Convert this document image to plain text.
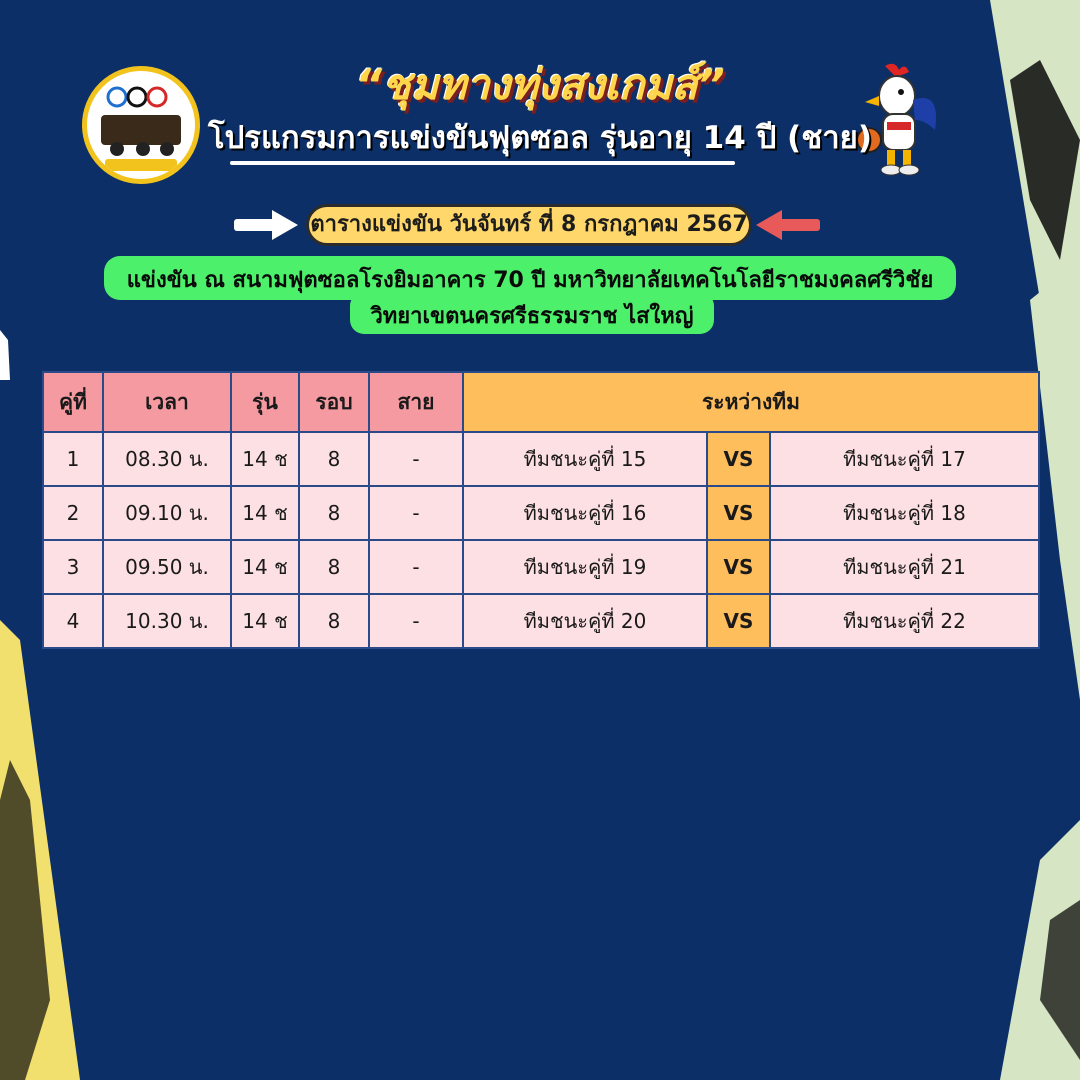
“ชุมทางทุ่งสงเกมส์”
โปรแกรมการแข่งขันฟุตซอล รุ่นอายุ 14 ปี (ชาย)
ตารางแข่งขัน วันจันทร์ ที่ 8 กรกฎาคม 2567
แข่งขัน ณ สนามฟุตซอลโรงยิมอาคาร 70 ปี มหาวิทยาลัยเทคโนโลยีราชมงคลศรีวิชัย
วิทยาเขตนครศรีธรรมราช ไสใหญ่
คู่ที่	เวลา	รุ่น	รอบ	สาย	ระหว่างทีม		
1	08.30 น.	14 ช	8	-	ทีมชนะคู่ที่ 15	VS	ทีมชนะคู่ที่ 17
2	09.10 น.	14 ช	8	-	ทีมชนะคู่ที่ 16	VS	ทีมชนะคู่ที่ 18
3	09.50 น.	14 ช	8	-	ทีมชนะคู่ที่ 19	VS	ทีมชนะคู่ที่ 21
4	10.30 น.	14 ช	8	-	ทีมชนะคู่ที่ 20	VS	ทีมชนะคู่ที่ 22
